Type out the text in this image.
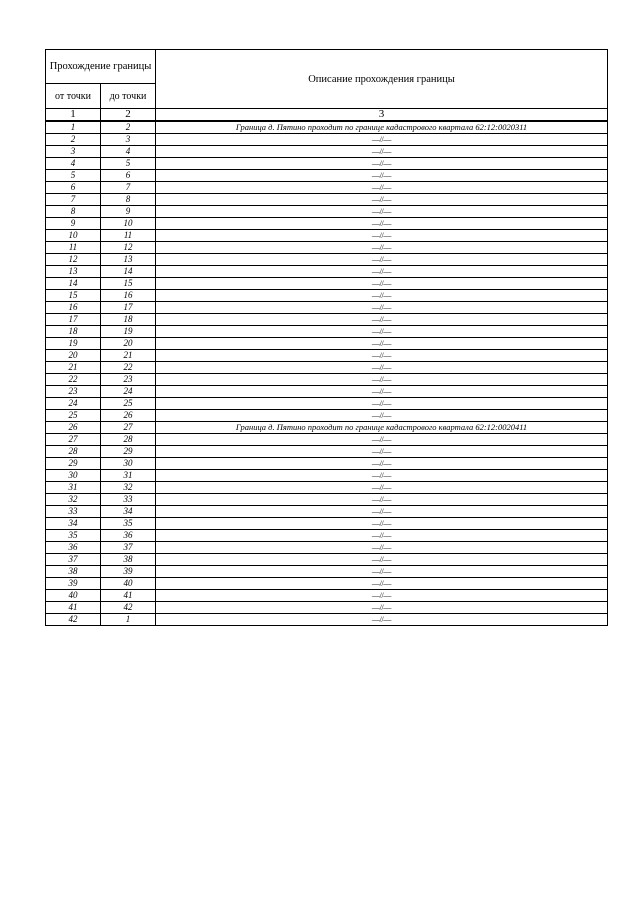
Прохождение границы		Описание прохождения границы
от точки	до точки	
1	2	3
1	2	Граница д. Пятино проходит по границе кадастрового квартала 62:12:0020311
2	3	—//—
3	4	—//—
4	5	—//—
5	6	—//—
6	7	—//—
7	8	—//—
8	9	—//—
9	10	—//—
10	11	—//—
11	12	—//—
12	13	—//—
13	14	—//—
14	15	—//—
15	16	—//—
16	17	—//—
17	18	—//—
18	19	—//—
19	20	—//—
20	21	—//—
21	22	—//—
22	23	—//—
23	24	—//—
24	25	—//—
25	26	—//—
26	27	Граница д. Пятино проходит по границе кадастрового квартала 62:12:0020411
27	28	—//—
28	29	—//—
29	30	—//—
30	31	—//—
31	32	—//—
32	33	—//—
33	34	—//—
34	35	—//—
35	36	—//—
36	37	—//—
37	38	—//—
38	39	—//—
39	40	—//—
40	41	—//—
41	42	—//—
42	1	—//—
